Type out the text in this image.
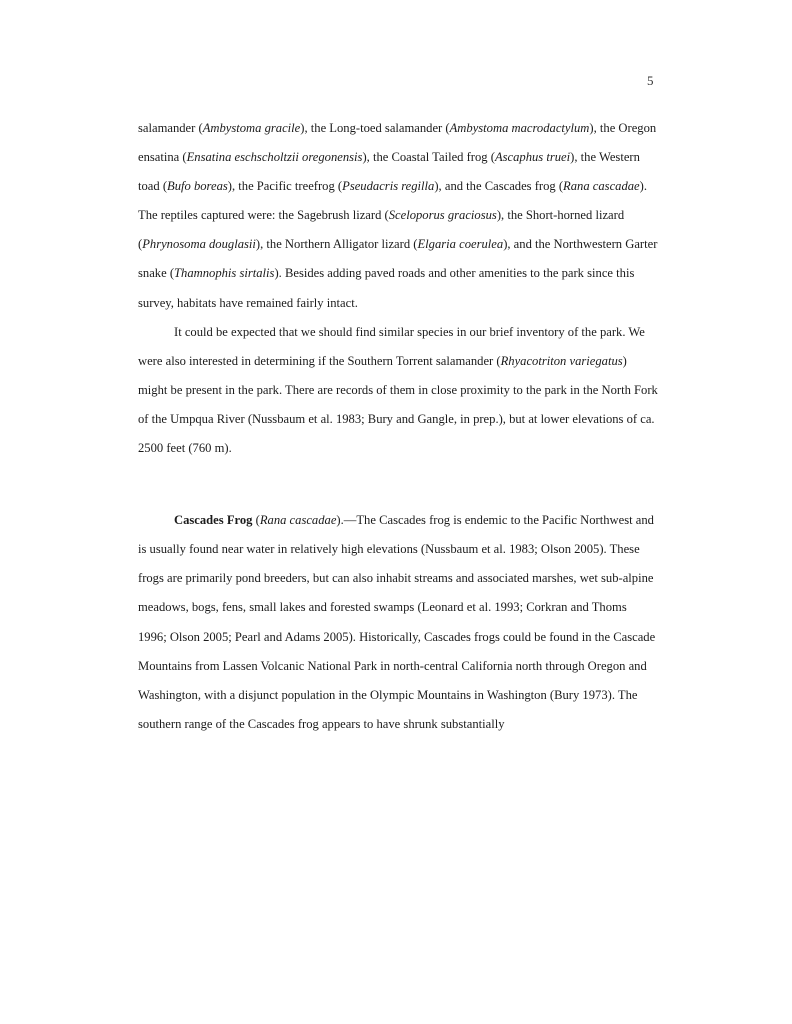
5

salamander (Ambystoma gracile), the Long-toed salamander (Ambystoma macrodactylum), the Oregon ensatina (Ensatina eschscholtzii oregonensis), the Coastal Tailed frog (Ascaphus truei), the Western toad (Bufo boreas), the Pacific treefrog (Pseudacris regilla), and the Cascades frog (Rana cascadae). The reptiles captured were: the Sagebrush lizard (Sceloporus graciosus), the Short-horned lizard (Phrynosoma douglasii), the Northern Alligator lizard (Elgaria coerulea), and the Northwestern Garter snake (Thamnophis sirtalis). Besides adding paved roads and other amenities to the park since this survey, habitats have remained fairly intact.

It could be expected that we should find similar species in our brief inventory of the park. We were also interested in determining if the Southern Torrent salamander (Rhyacotriton variegatus) might be present in the park. There are records of them in close proximity to the park in the North Fork of the Umpqua River (Nussbaum et al. 1983; Bury and Gangle, in prep.), but at lower elevations of ca. 2500 feet (760 m).

Cascades Frog (Rana cascadae).—The Cascades frog is endemic to the Pacific Northwest and is usually found near water in relatively high elevations (Nussbaum et al. 1983; Olson 2005). These frogs are primarily pond breeders, but can also inhabit streams and associated marshes, wet sub-alpine meadows, bogs, fens, small lakes and forested swamps (Leonard et al. 1993; Corkran and Thoms 1996; Olson 2005; Pearl and Adams 2005). Historically, Cascades frogs could be found in the Cascade Mountains from Lassen Volcanic National Park in north-central California north through Oregon and Washington, with a disjunct population in the Olympic Mountains in Washington (Bury 1973). The southern range of the Cascades frog appears to have shrunk substantially
